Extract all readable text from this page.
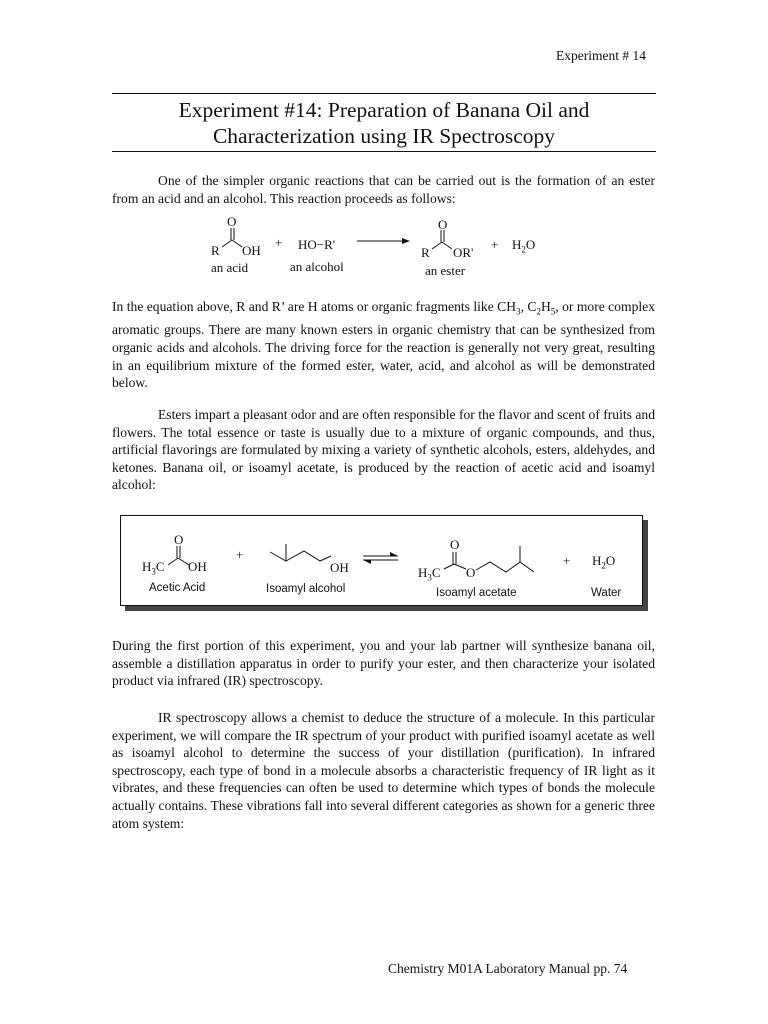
Experiment # 14
Experiment #14: Preparation of Banana Oil and
Characterization using IR Spectroscopy

One of the simpler organic reactions that can be carried out is the formation of an ester from an acid and an alcohol. This reaction proceeds as follows:

O
R OH
+ HO−R'
O
R OR'
+ $H_2O$
an acid	an alcohol	an ester

In the equation above, R and R’ are H atoms or organic fragments like $CH_3$, $C_2H_5$, or more complex aromatic groups. There are many known esters in organic chemistry that can be synthesized from organic acids and alcohols. The driving force for the reaction is generally not very great, resulting in an equilibrium mixture of the formed ester, water, acid, and alcohol as will be demonstrated below.

Esters impart a pleasant odor and are often responsible for the flavor and scent of fruits and flowers. The total essence or taste is usually due to a mixture of organic compounds, and thus, artificial flavorings are formulated by mixing a variety of synthetic alcohols, esters, aldehydes, and ketones. Banana oil, or isoamyl acetate, is produced by the reaction of acetic acid and isoamyl alcohol:

O
$H_3C$ OH
+
OH
O
$H_3C$ O
+ $H_2O$
Acetic Acid	Isoamyl alcohol	Isoamyl acetate	Water

During the first portion of this experiment, you and your lab partner will synthesize banana oil, assemble a distillation apparatus in order to purify your ester, and then characterize your isolated product via infrared (IR) spectroscopy.

IR spectroscopy allows a chemist to deduce the structure of a molecule. In this particular experiment, we will compare the IR spectrum of your product with purified isoamyl acetate as well as isoamyl alcohol to determine the success of your distillation (purification). In infrared spectroscopy, each type of bond in a molecule absorbs a characteristic frequency of IR light as it vibrates, and these frequencies can often be used to determine which types of bonds the molecule actually contains. These vibrations fall into several different categories as shown for a generic three atom system:

Chemistry M01A Laboratory Manual pp. 74
